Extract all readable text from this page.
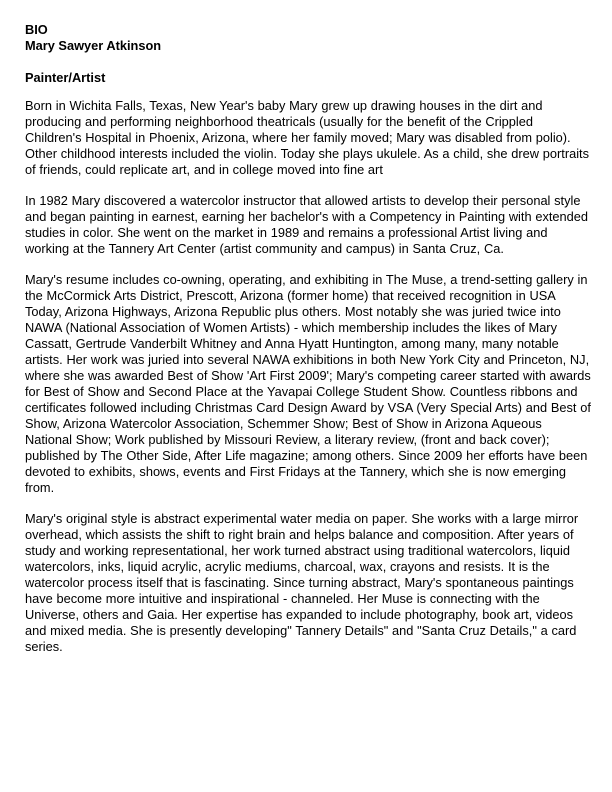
BIO

Mary Sawyer Atkinson

Painter/Artist

Born in Wichita Falls, Texas, New Year's baby Mary grew up drawing houses in the dirt and producing and performing neighborhood theatricals (usually for the benefit of the Crippled Children's Hospital in Phoenix, Arizona, where her family moved; Mary was disabled from polio). Other childhood interests included the violin. Today she plays ukulele. As a child, she drew portraits of friends, could replicate art, and in college moved into fine art

In 1982 Mary discovered a watercolor instructor that allowed artists to develop their personal style and began painting in earnest, earning her bachelor's with a Competency in Painting with extended studies in color. She went on the market in 1989 and remains a professional Artist living and working at the Tannery Art Center (artist community and campus) in Santa Cruz, Ca.

Mary's resume includes co-owning, operating, and exhibiting in The Muse, a trend-setting gallery in the McCormick Arts District, Prescott, Arizona (former home) that received recognition in USA Today, Arizona Highways, Arizona Republic plus others. Most notably she was juried twice into NAWA (National Association of Women Artists) - which membership includes the likes of Mary Cassatt, Gertrude Vanderbilt Whitney and Anna Hyatt Huntington, among many, many notable artists. Her work was juried into several NAWA exhibitions in both New York City and Princeton, NJ, where she was awarded Best of Show 'Art First 2009'; Mary's competing career started with awards for Best of Show and Second Place at the Yavapai College Student Show. Countless ribbons and certificates followed including Christmas Card Design Award by VSA (Very Special Arts) and Best of Show, Arizona Watercolor Association, Schemmer Show; Best of Show in Arizona Aqueous National Show; Work published by Missouri Review, a literary review, (front and back cover); published by The Other Side, After Life magazine; among others. Since 2009 her efforts have been devoted to exhibits, shows, events and First Fridays at the Tannery, which she is now emerging from.

Mary's original style is abstract experimental water media on paper. She works with a large mirror overhead, which assists the shift to right brain and helps balance and composition. After years of study and working representational, her work turned abstract using traditional watercolors, liquid watercolors, inks, liquid acrylic, acrylic mediums, charcoal, wax, crayons and resists. It is the watercolor process itself that is fascinating. Since turning abstract, Mary's spontaneous paintings have become more intuitive and inspirational - channeled. Her Muse is connecting with the Universe, others and Gaia. Her expertise has expanded to include photography, book art, videos and mixed media. She is presently developing" Tannery Details" and "Santa Cruz Details," a card series.
